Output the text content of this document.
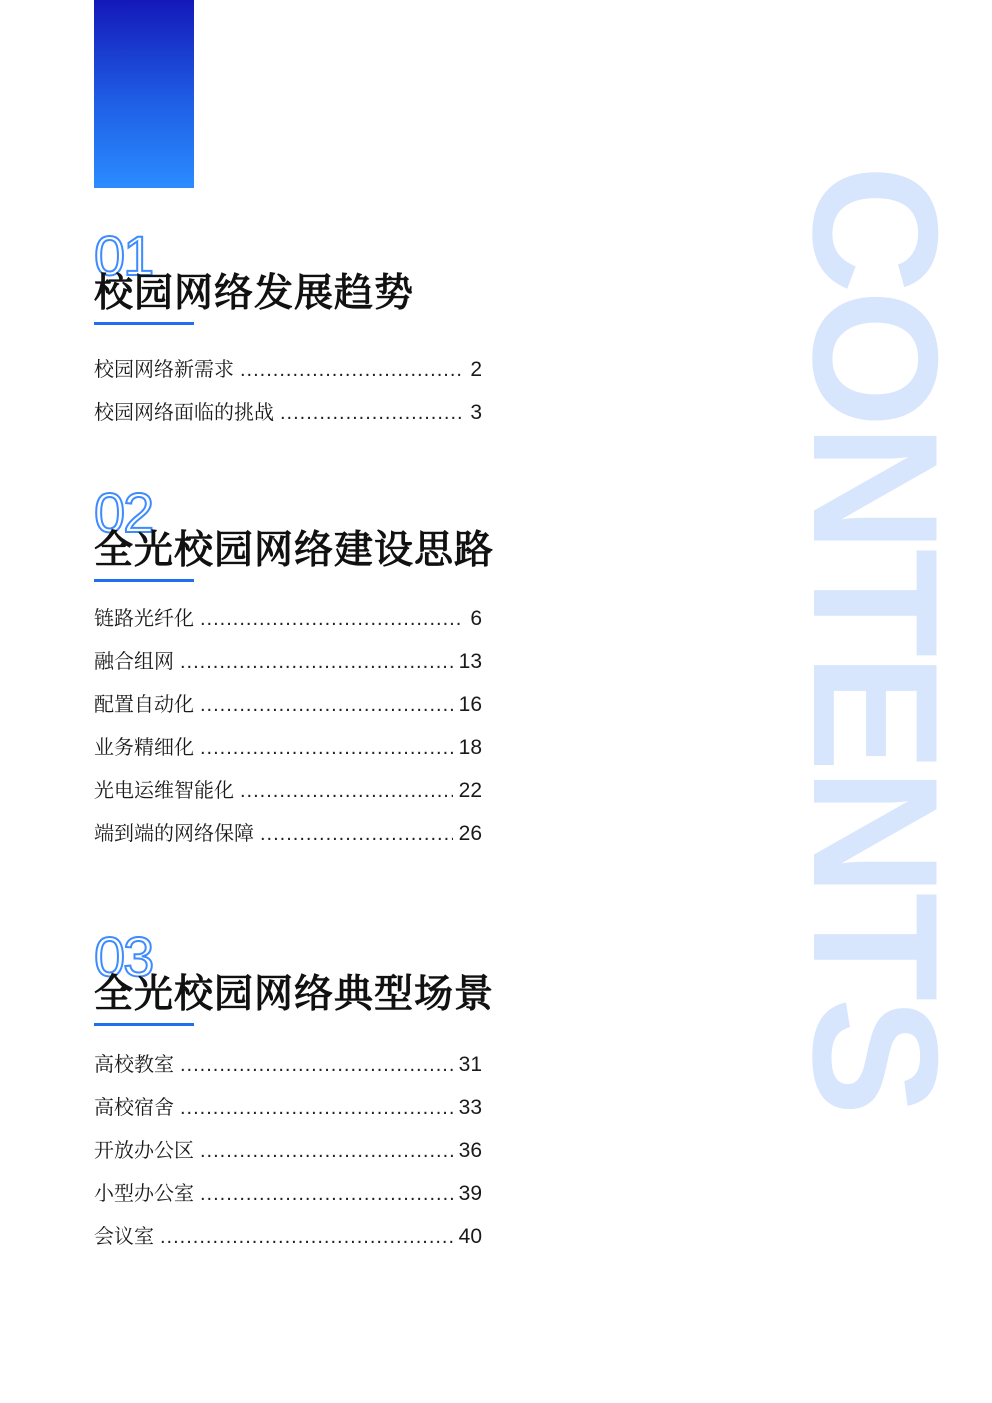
CONTENTS
01
校园网络发展趋势
校园网络新需求 .....	2
校园网络面临的挑战 .....	3
02
全光校园网络建设思路
链路光纤化 .....	6
融合组网 .....	13
配置自动化 .....	16
业务精细化 .....	18
光电运维智能化 .....	22
端到端的网络保障 .....	26
03
全光校园网络典型场景
高校教室 .....	31
高校宿舍 .....	33
开放办公区 .....	36
小型办公室 .....	39
会议室 .....	40
